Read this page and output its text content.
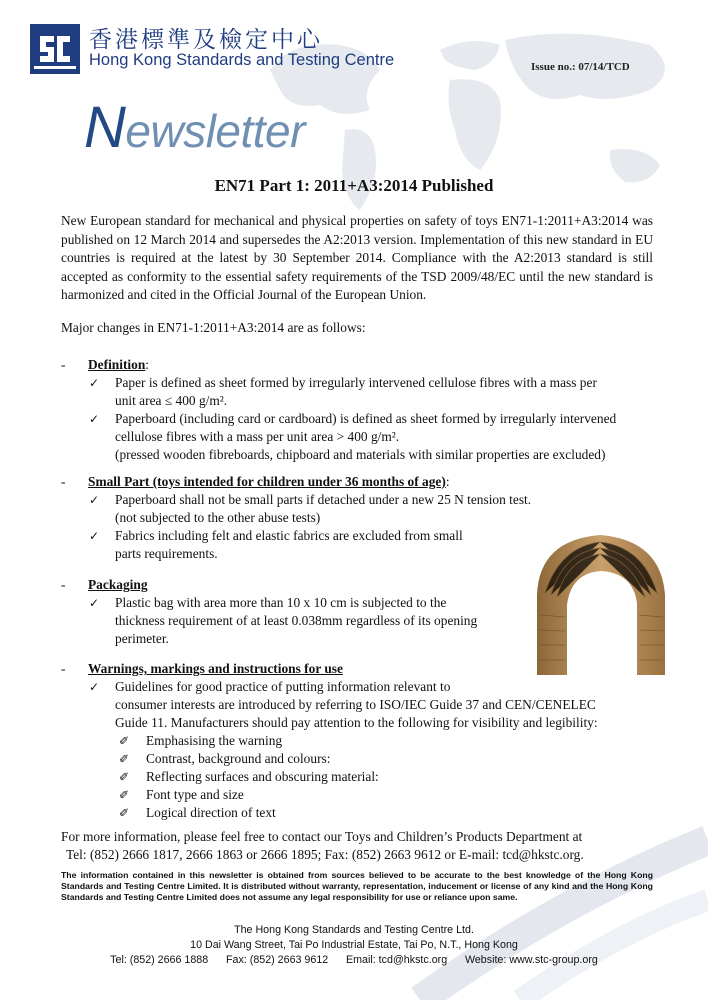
香港標準及檢定中心
Hong Kong Standards and Testing Centre	Issue no.: 07/14/TCD
Newsletter
EN71 Part 1: 2011+A3:2014 Published
New European standard for mechanical and physical properties on safety of toys EN71-1:2011+A3:2014 was published on 12 March 2014 and supersedes the A2:2013 version. Implementation of this new standard in EU countries is required at the latest by 30 September 2014. Compliance with the A2:2013 standard is still accepted as conformity to the essential safety requirements of the TSD 2009/48/EC until the new standard is harmonized and cited in the Official Journal of the European Union.
Major changes in EN71-1:2011+A3:2014 are as follows:
- Definition:
✓ Paper is defined as sheet formed by irregularly intervened cellulose fibres with a mass per
unit area ≤ 400 g/m².
✓ Paperboard (including card or cardboard) is defined as sheet formed by irregularly intervened
cellulose fibres with a mass per unit area > 400 g/m².
(pressed wooden fibreboards, chipboard and materials with similar properties are excluded)
- Small Part (toys intended for children under 36 months of age):
✓ Paperboard shall not be small parts if detached under a new 25 N tension test.
(not subjected to the other abuse tests)
✓ Fabrics including felt and elastic fabrics are excluded from small
parts requirements.
- Packaging
✓ Plastic bag with area more than 10 x 10 cm is subjected to the
thickness requirement of at least 0.038mm regardless of its opening
perimeter.
- Warnings, markings and instructions for use
✓ Guidelines for good practice of putting information relevant to
consumer interests are introduced by referring to ISO/IEC Guide 37 and CEN/CENELEC
Guide 11. Manufacturers should pay attention to the following for visibility and legibility:
✐	Emphasising the warning
✐	Contrast, background and colours:
✐	Reflecting surfaces and obscuring material:
✐	Font type and size
✐	Logical direction of text
For more information, please feel free to contact our Toys and Children’s Products Department at
Tel: (852) 2666 1817, 2666 1863 or 2666 1895; Fax: (852) 2663 9612 or E-mail: tcd@hkstc.org.
The information contained in this newsletter is obtained from sources believed to be accurate to the best knowledge of the Hong Kong Standards and Testing Centre Limited. It is distributed without warranty, representation, inducement or license of any kind and the Hong Kong Standards and Testing Centre Limited does not assume any legal responsibility for use or reliance upon same.
The Hong Kong Standards and Testing Centre Ltd.
10 Dai Wang Street, Tai Po Industrial Estate, Tai Po, N.T., Hong Kong
Tel: (852) 2666 1888      Fax: (852) 2663 9612      Email: tcd@hkstc.org      Website: www.stc-group.org
